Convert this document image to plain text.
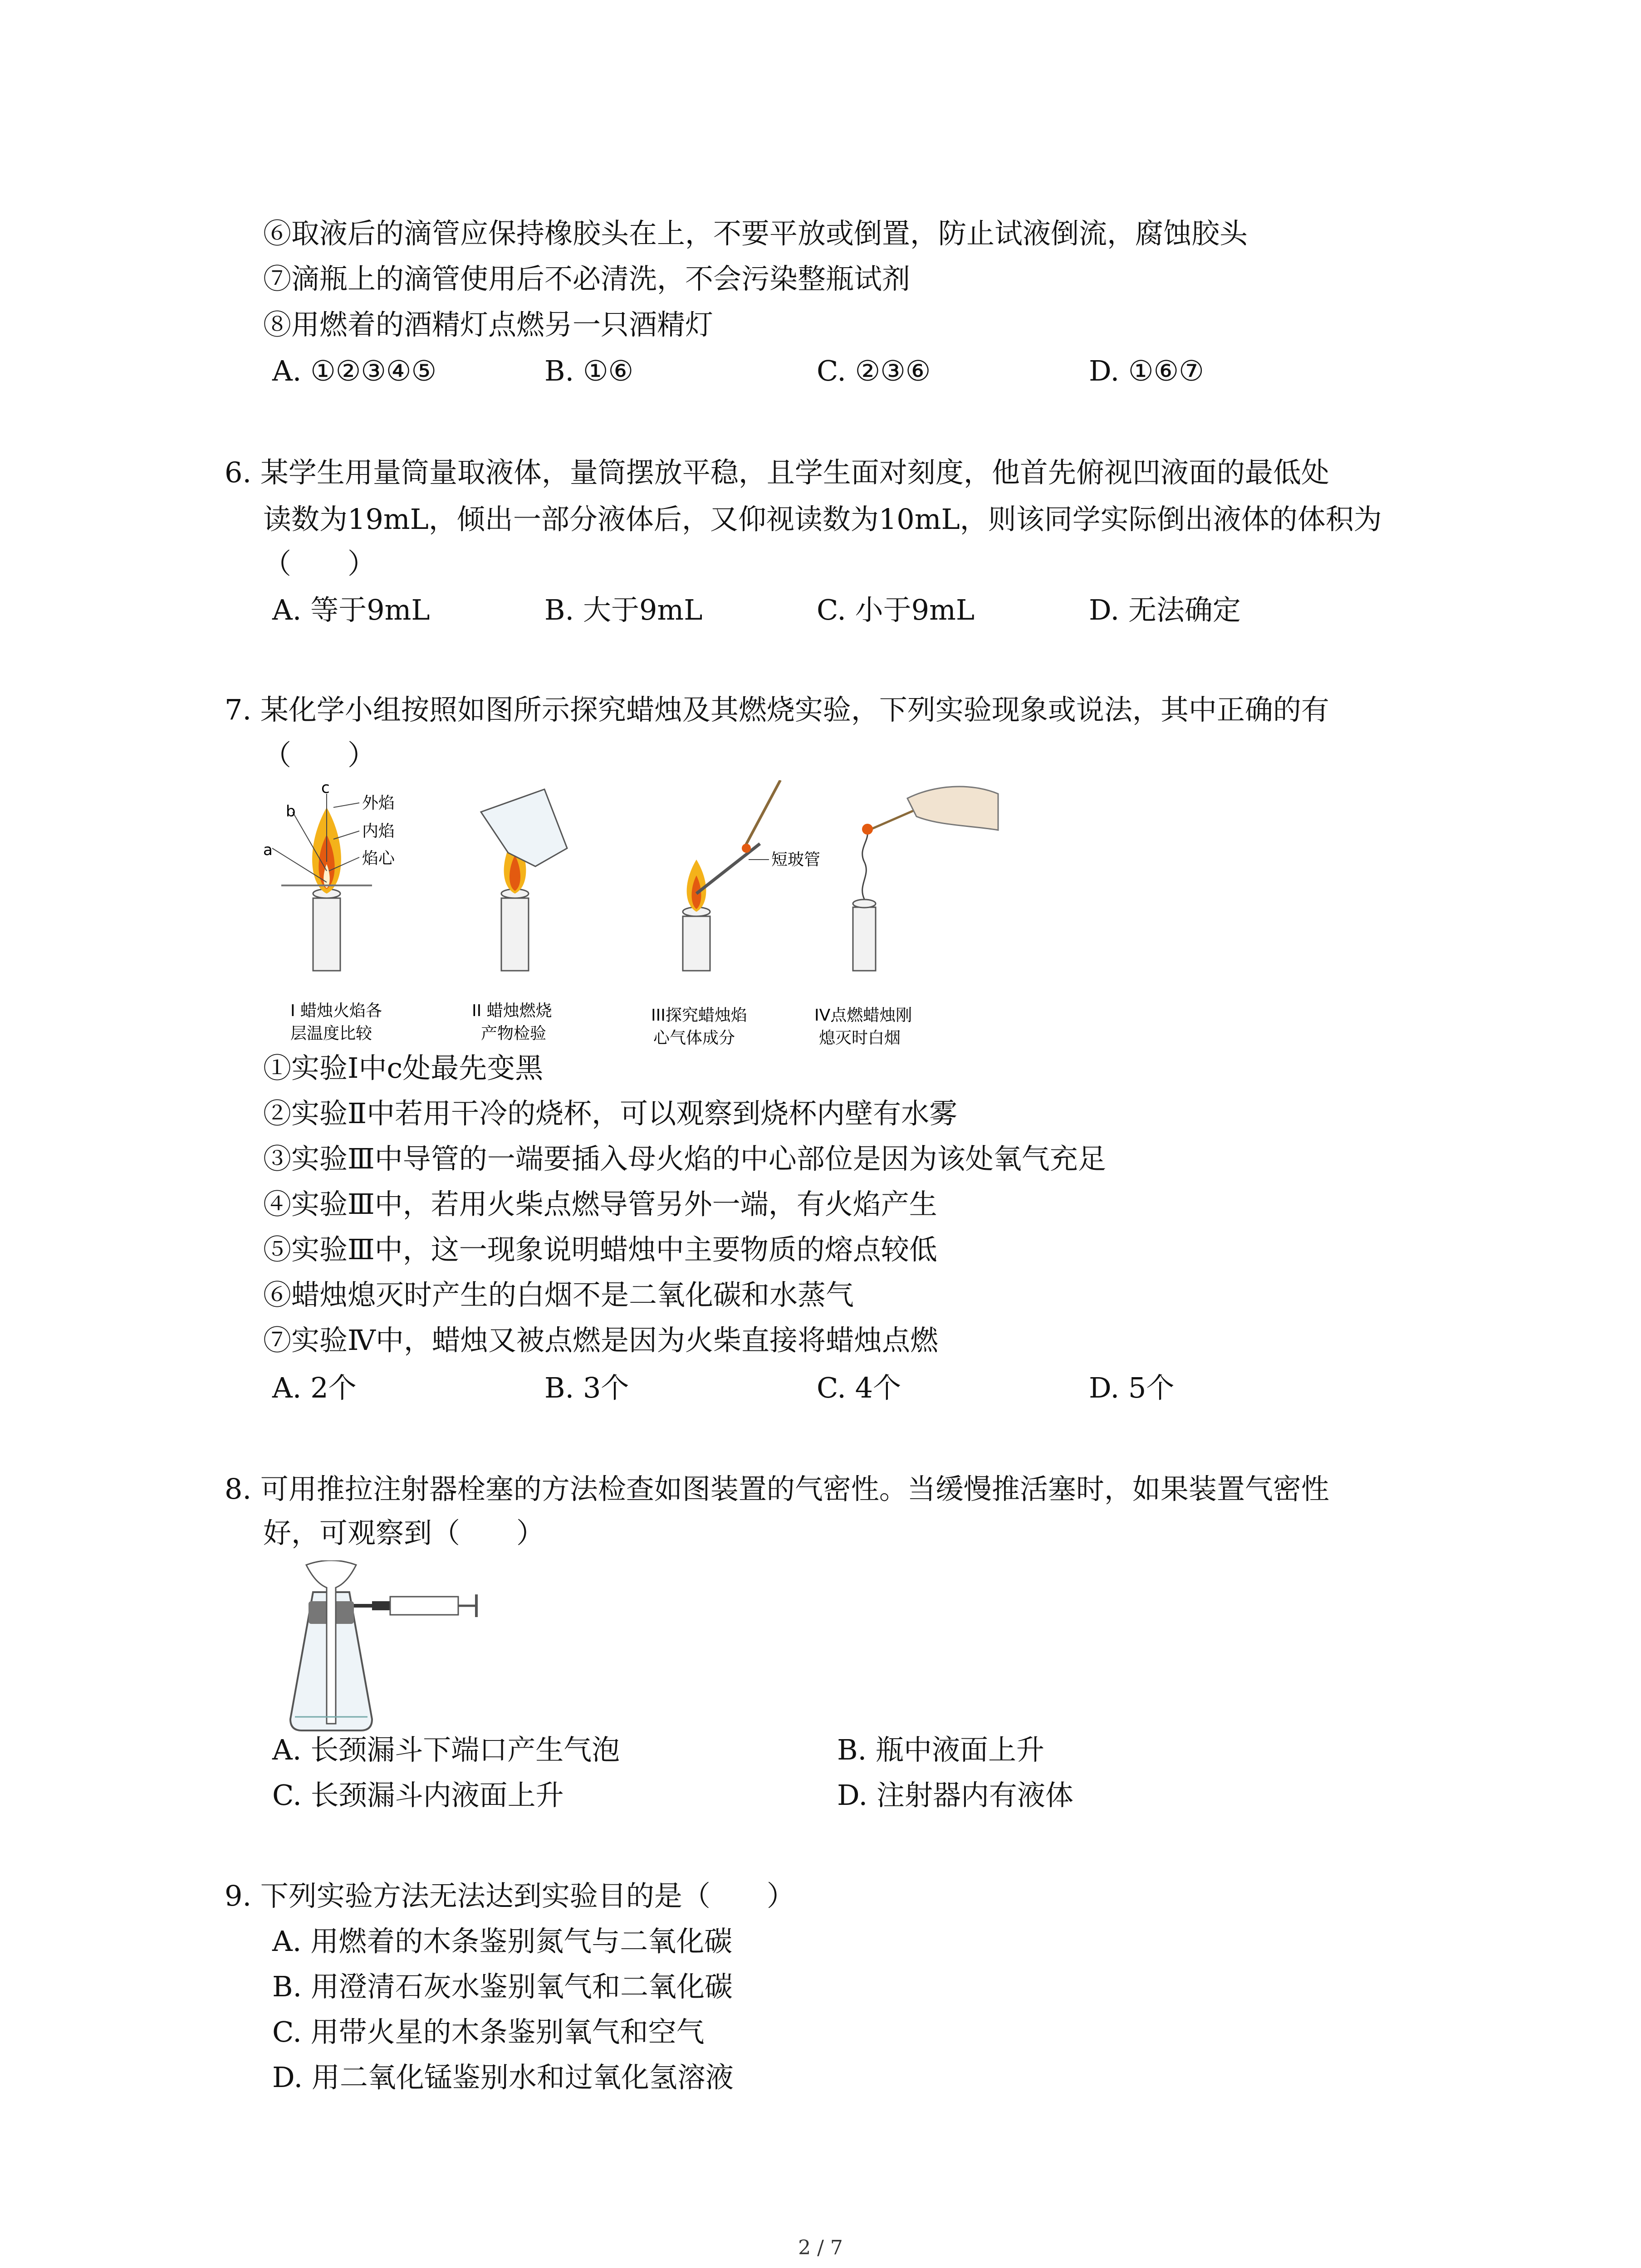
⑥取液后的滴管应保持橡胶头在上，不要平放或倒置，防止试液倒流，腐蚀胶头
⑦滴瓶上的滴管使用后不必清洗，不会污染整瓶试剂
⑧用燃着的酒精灯点燃另一只酒精灯
A. ①②③④⑤	B. ①⑥	C. ②③⑥	D. ①⑥⑦
6. 某学生用量筒量取液体，量筒摆放平稳，且学生面对刻度，他首先俯视凹液面的最低处
读数为19mL，倾出一部分液体后，又仰视读数为10mL，则该同学实际倒出液体的体积为
（　　）
A. 等于9mL	B. 大于9mL	C. 小于9mL	D. 无法确定
7. 某化学小组按照如图所示探究蜡烛及其燃烧实验，下列实验现象或说法，其中正确的有
（　　）
a
b
c
外焰
内焰
焰心	短玻管
I 蜡烛火焰各
层温度比较
II 蜡烛燃烧
产物检验
III探究蜡烛焰
心气体成分
IV点燃蜡烛刚
熄灭时白烟
①实验Ⅰ中c处最先变黑
②实验Ⅱ中若用干冷的烧杯，可以观察到烧杯内壁有水雾
③实验Ⅲ中导管的一端要插入母火焰的中心部位是因为该处氧气充足
④实验Ⅲ中，若用火柴点燃导管另外一端，有火焰产生
⑤实验Ⅲ中，这一现象说明蜡烛中主要物质的熔点较低
⑥蜡烛熄灭时产生的白烟不是二氧化碳和水蒸气
⑦实验Ⅳ中，蜡烛又被点燃是因为火柴直接将蜡烛点燃
A. 2个	B. 3个	C. 4个	D. 5个
8. 可用推拉注射器栓塞的方法检查如图装置的气密性。当缓慢推活塞时，如果装置气密性
好，可观察到（　　）
A. 长颈漏斗下端口产生气泡	B. 瓶中液面上升
C. 长颈漏斗内液面上升	D. 注射器内有液体
9. 下列实验方法无法达到实验目的是（　　）
A. 用燃着的木条鉴别氮气与二氧化碳
B. 用澄清石灰水鉴别氧气和二氧化碳
C. 用带火星的木条鉴别氧气和空气
D. 用二氧化锰鉴别水和过氧化氢溶液
2 / 7
